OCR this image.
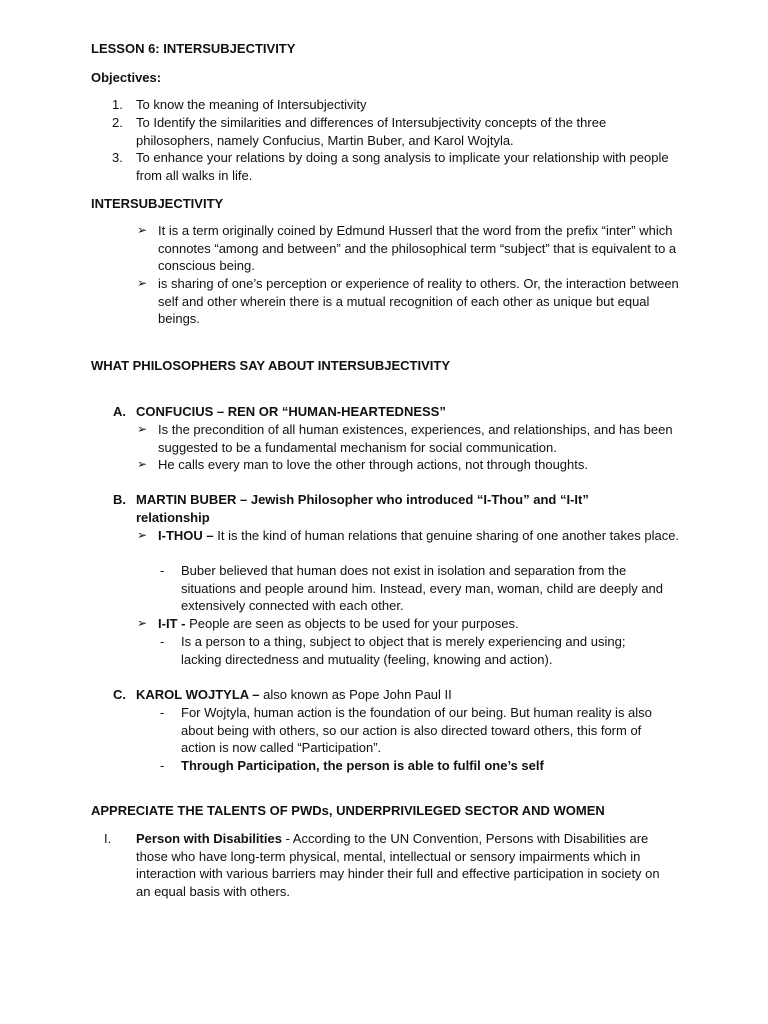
LESSON 6: INTERSUBJECTIVITY
Objectives:
1. To know the meaning of Intersubjectivity
2. To Identify the similarities and differences of Intersubjectivity concepts of the three philosophers, namely Confucius, Martin Buber, and Karol Wojtyla.
3. To enhance your relations by doing a song analysis to implicate your relationship with people from all walks in life.
INTERSUBJECTIVITY
➢ It is a term originally coined by Edmund Husserl that the word from the prefix “inter” which connotes “among and between” and the philosophical term “subject” that is equivalent to a conscious being.
➢ is sharing of one’s perception or experience of reality to others. Or, the interaction between self and other wherein there is a mutual recognition of each other as unique but equal beings.
WHAT PHILOSOPHERS SAY ABOUT INTERSUBJECTIVITY
A. CONFUCIUS – REN OR “HUMAN-HEARTEDNESS”
➢ Is the precondition of all human existences, experiences, and relationships, and has been suggested to be a fundamental mechanism for social communication.
➢ He calls every man to love the other through actions, not through thoughts.
B. MARTIN BUBER – Jewish Philosopher who introduced “I-Thou” and “I-It” relationship
➢ I-THOU – It is the kind of human relations that genuine sharing of one another takes place.
- Buber believed that human does not exist in isolation and separation from the situations and people around him. Instead, every man, woman, child are deeply and extensively connected with each other.
➢ I-IT - People are seen as objects to be used for your purposes.
- Is a person to a thing, subject to object that is merely experiencing and using; lacking directedness and mutuality (feeling, knowing and action).
C. KAROL WOJTYLA – also known as Pope John Paul II
- For Wojtyla, human action is the foundation of our being. But human reality is also about being with others, so our action is also directed toward others, this form of action is now called “Participation”.
- Through Participation, the person is able to fulfil one’s self
APPRECIATE THE TALENTS OF PWDs, UNDERPRIVILEGED SECTOR AND WOMEN
I. Person with Disabilities - According to the UN Convention, Persons with Disabilities are those who have long-term physical, mental, intellectual or sensory impairments which in interaction with various barriers may hinder their full and effective participation in society on an equal basis with others.
